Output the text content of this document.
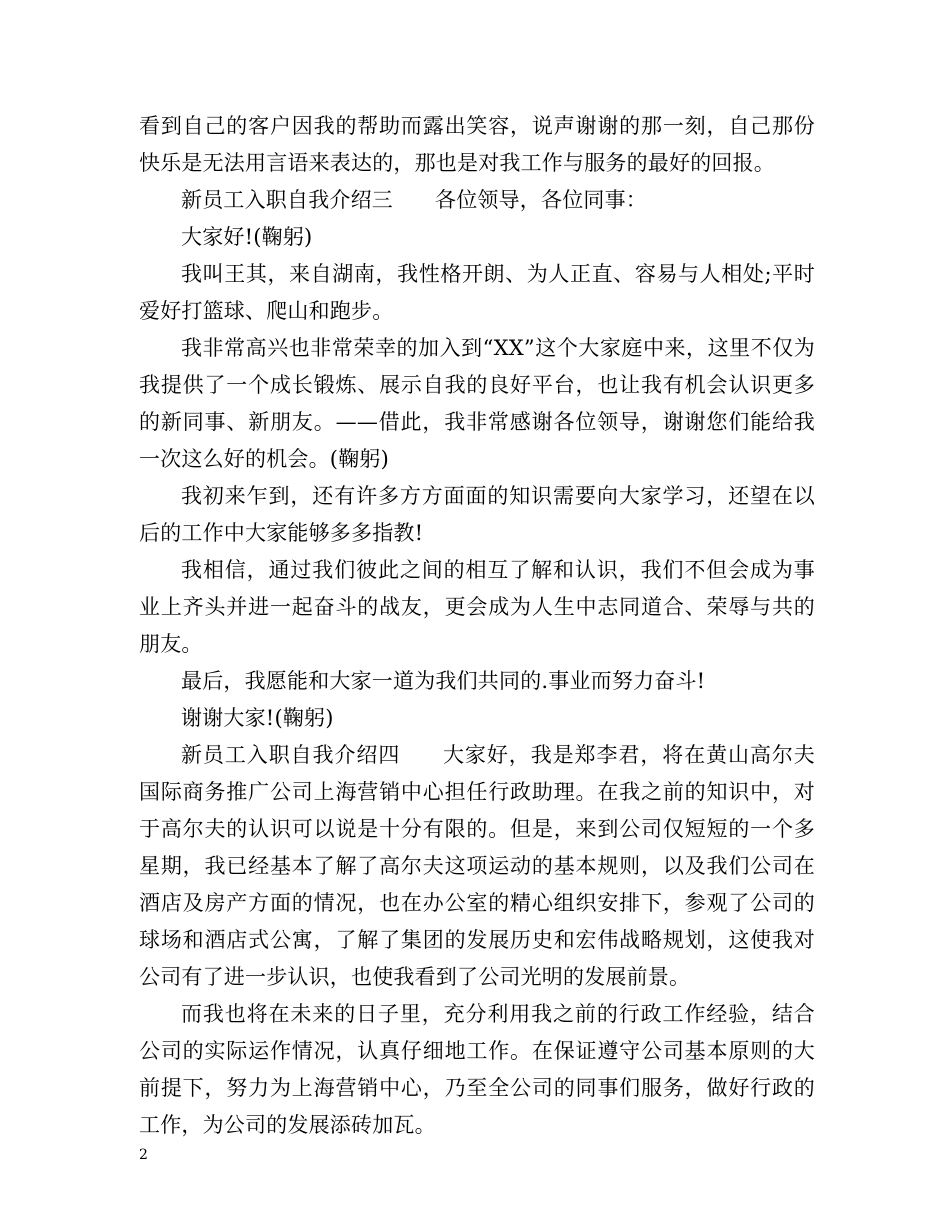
看到自己的客户因我的帮助而露出笑容，说声谢谢的那一刻，自己那份快乐是无法用言语来表达的，那也是对我工作与服务的最好的回报。

新员工入职自我介绍三 各位领导，各位同事：

大家好!(鞠躬)

我叫王其，来自湖南，我性格开朗、为人正直、容易与人相处;平时爱好打篮球、爬山和跑步。

我非常高兴也非常荣幸的加入到“XX”这个大家庭中来，这里不仅为我提供了一个成长锻炼、展示自我的良好平台，也让我有机会认识更多的新同事、新朋友。——借此，我非常感谢各位领导，谢谢您们能给我一次这么好的机会。(鞠躬)

我初来乍到，还有许多方方面面的知识需要向大家学习，还望在以后的工作中大家能够多多指教!

我相信，通过我们彼此之间的相互了解和认识，我们不但会成为事业上齐头并进一起奋斗的战友，更会成为人生中志同道合、荣辱与共的朋友。

最后，我愿能和大家一道为我们共同的.事业而努力奋斗!

谢谢大家!(鞠躬)

新员工入职自我介绍四 大家好，我是郑李君，将在黄山高尔夫国际商务推广公司上海营销中心担任行政助理。在我之前的知识中，对于高尔夫的认识可以说是十分有限的。但是，来到公司仅短短的一个多星期，我已经基本了解了高尔夫这项运动的基本规则，以及我们公司在酒店及房产方面的情况，也在办公室的精心组织安排下，参观了公司的球场和酒店式公寓，了解了集团的发展历史和宏伟战略规划，这使我对公司有了进一步认识，也使我看到了公司光明的发展前景。

而我也将在未来的日子里，充分利用我之前的行政工作经验，结合公司的实际运作情况，认真仔细地工作。在保证遵守公司基本原则的大前提下，努力为上海营销中心，乃至全公司的同事们服务，做好行政的工作，为公司的发展添砖加瓦。

2
